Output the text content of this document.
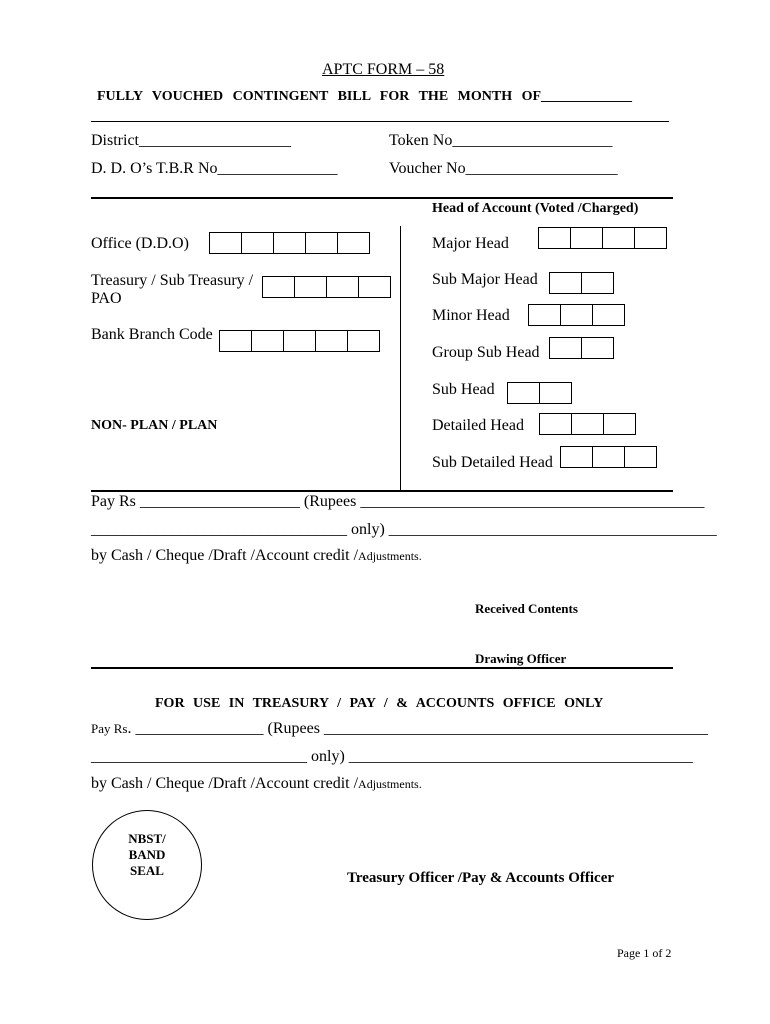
APTC FORM – 58
FULLY VOUCHED CONTINGENT BILL FOR THE MONTH OF_____________
District___________________	Token No____________________
D. D. O’s T.B.R No_______________	Voucher No___________________
Head of Account (Voted /Charged)
Office (D.D.O)
Treasury / Sub Treasury /
PAO
Bank Branch Code
NON- PLAN / PLAN
Major Head
Sub Major Head
Minor Head
Group Sub Head
Sub Head
Detailed Head
Sub Detailed Head
Pay Rs ____________________ (Rupees ___________________________________________
________________________________ only) _________________________________________
by Cash / Cheque /Draft /Account credit /Adjustments.
Received Contents
Drawing Officer
FOR USE IN TREASURY / PAY / & ACCOUNTS OFFICE ONLY
Pay Rs. ________________ (Rupees ________________________________________________
___________________________ only) ___________________________________________
by Cash / Cheque /Draft /Account credit /Adjustments.
NBST/
BAND
SEAL	Treasury Officer /Pay & Accounts Officer
Page 1 of 2
